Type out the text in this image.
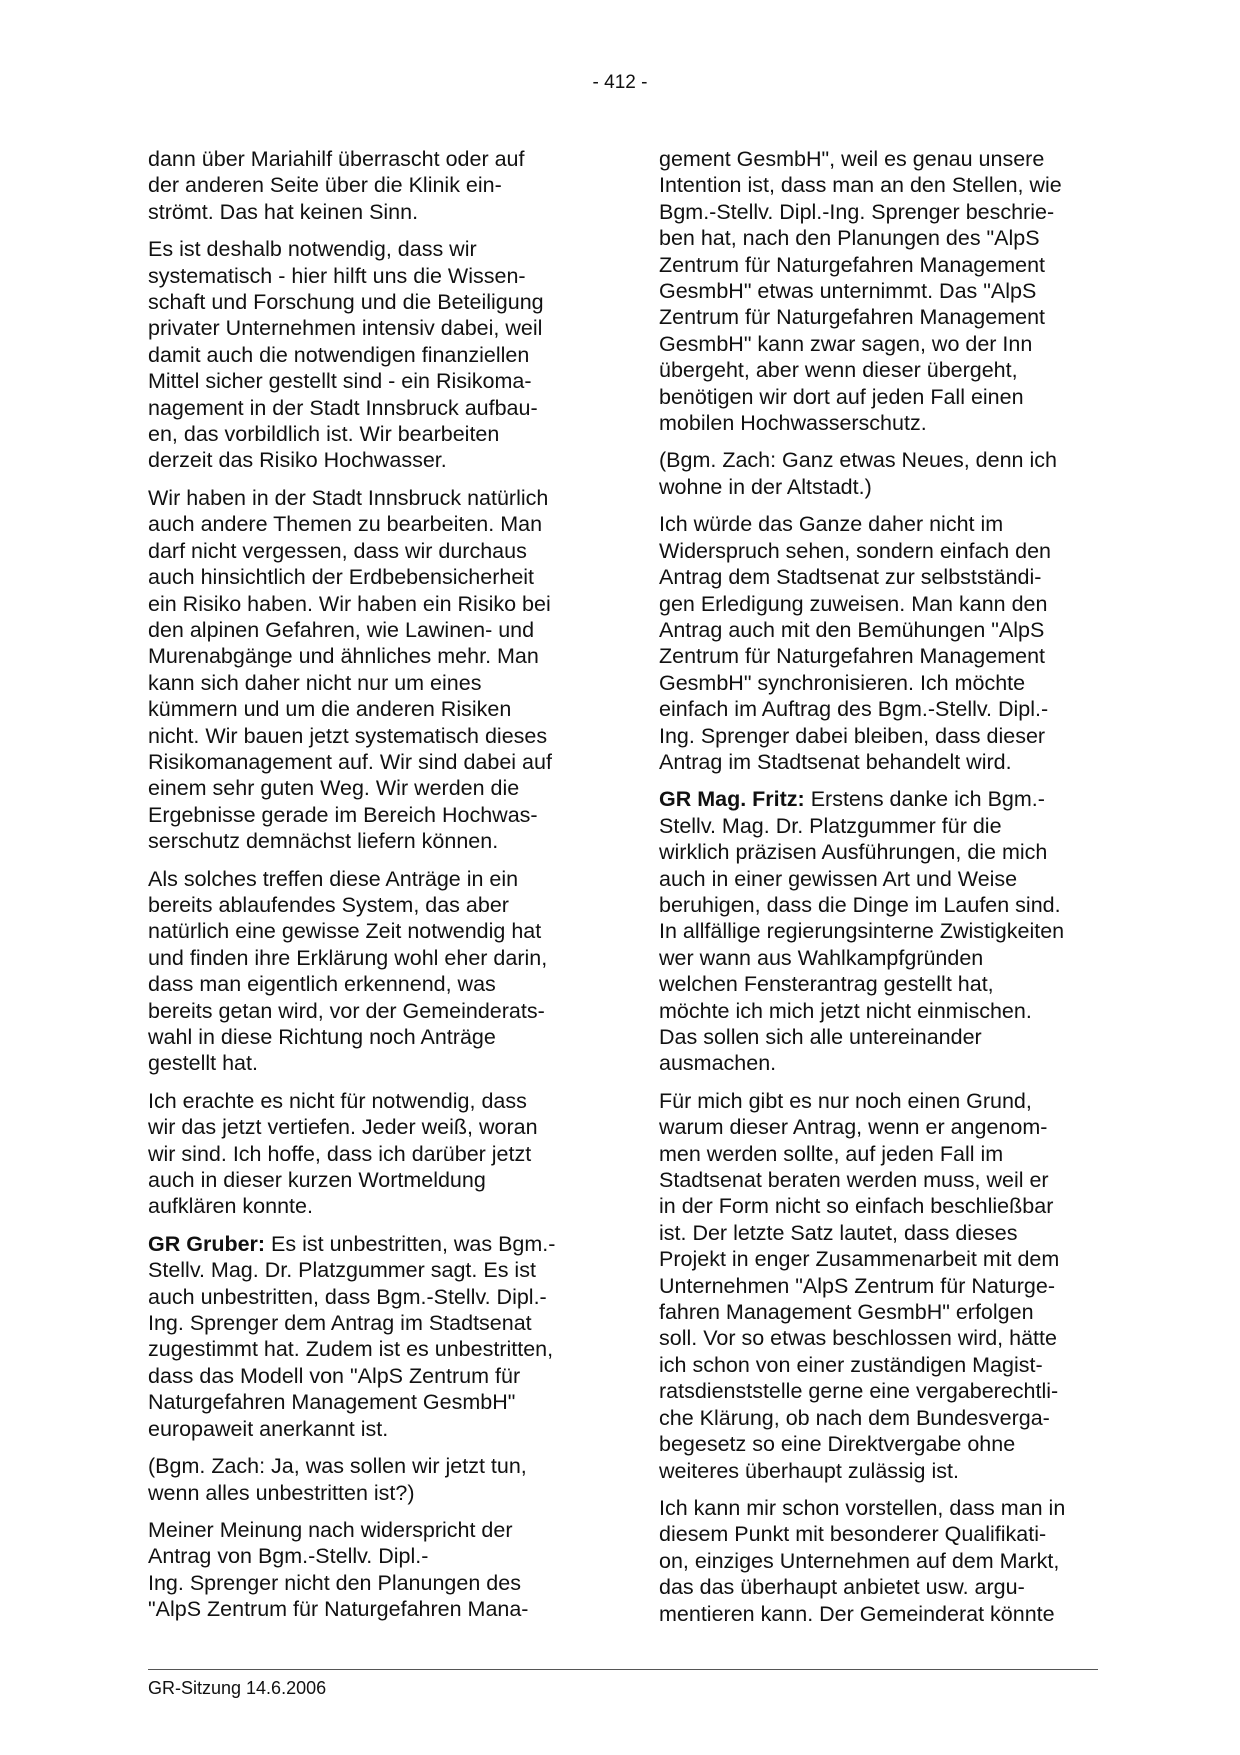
- 412 -

dann über Mariahilf überrascht oder auf
der anderen Seite über die Klinik ein-
strömt. Das hat keinen Sinn.

Es ist deshalb notwendig, dass wir
systematisch - hier hilft uns die Wissen-
schaft und Forschung und die Beteiligung
privater Unternehmen intensiv dabei, weil
damit auch die notwendigen finanziellen
Mittel sicher gestellt sind - ein Risikoma-
nagement in der Stadt Innsbruck aufbau-
en, das vorbildlich ist. Wir bearbeiten
derzeit das Risiko Hochwasser.

Wir haben in der Stadt Innsbruck natürlich
auch andere Themen zu bearbeiten. Man
darf nicht vergessen, dass wir durchaus
auch hinsichtlich der Erdbebensicherheit
ein Risiko haben. Wir haben ein Risiko bei
den alpinen Gefahren, wie Lawinen- und
Murenabgänge und ähnliches mehr. Man
kann sich daher nicht nur um eines
kümmern und um die anderen Risiken
nicht. Wir bauen jetzt systematisch dieses
Risikomanagement auf. Wir sind dabei auf
einem sehr guten Weg. Wir werden die
Ergebnisse gerade im Bereich Hochwas-
serschutz demnächst liefern können.

Als solches treffen diese Anträge in ein
bereits ablaufendes System, das aber
natürlich eine gewisse Zeit notwendig hat
und finden ihre Erklärung wohl eher darin,
dass man eigentlich erkennend, was
bereits getan wird, vor der Gemeinderats-
wahl in diese Richtung noch Anträge
gestellt hat.

Ich erachte es nicht für notwendig, dass
wir das jetzt vertiefen. Jeder weiß, woran
wir sind. Ich hoffe, dass ich darüber jetzt
auch in dieser kurzen Wortmeldung
aufklären konnte.

GR Gruber: Es ist unbestritten, was Bgm.-
Stellv. Mag. Dr. Platzgummer sagt. Es ist
auch unbestritten, dass Bgm.-Stellv. Dipl.-
Ing. Sprenger dem Antrag im Stadtsenat
zugestimmt hat. Zudem ist es unbestritten,
dass das Modell von "AlpS Zentrum für
Naturgefahren Management GesmbH"
europaweit anerkannt ist.

(Bgm. Zach: Ja, was sollen wir jetzt tun,
wenn alles unbestritten ist?)

Meiner Meinung nach widerspricht der
Antrag von Bgm.-Stellv. Dipl.-
Ing. Sprenger nicht den Planungen des
"AlpS Zentrum für Naturgefahren Mana-

gement GesmbH", weil es genau unsere
Intention ist, dass man an den Stellen, wie
Bgm.-Stellv. Dipl.-Ing. Sprenger beschrie-
ben hat, nach den Planungen des "AlpS
Zentrum für Naturgefahren Management
GesmbH" etwas unternimmt. Das "AlpS
Zentrum für Naturgefahren Management
GesmbH" kann zwar sagen, wo der Inn
übergeht, aber wenn dieser übergeht,
benötigen wir dort auf jeden Fall einen
mobilen Hochwasserschutz.

(Bgm. Zach: Ganz etwas Neues, denn ich
wohne in der Altstadt.)

Ich würde das Ganze daher nicht im
Widerspruch sehen, sondern einfach den
Antrag dem Stadtsenat zur selbstständi-
gen Erledigung zuweisen. Man kann den
Antrag auch mit den Bemühungen "AlpS
Zentrum für Naturgefahren Management
GesmbH" synchronisieren. Ich möchte
einfach im Auftrag des Bgm.-Stellv. Dipl.-
Ing. Sprenger dabei bleiben, dass dieser
Antrag im Stadtsenat behandelt wird.

GR Mag. Fritz: Erstens danke ich Bgm.-
Stellv. Mag. Dr. Platzgummer für die
wirklich präzisen Ausführungen, die mich
auch in einer gewissen Art und Weise
beruhigen, dass die Dinge im Laufen sind.
In allfällige regierungsinterne Zwistigkeiten
wer wann aus Wahlkampfgründen
welchen Fensterantrag gestellt hat,
möchte ich mich jetzt nicht einmischen.
Das sollen sich alle untereinander
ausmachen.

Für mich gibt es nur noch einen Grund,
warum dieser Antrag, wenn er angenom-
men werden sollte, auf jeden Fall im
Stadtsenat beraten werden muss, weil er
in der Form nicht so einfach beschließbar
ist. Der letzte Satz lautet, dass dieses
Projekt in enger Zusammenarbeit mit dem
Unternehmen "AlpS Zentrum für Naturge-
fahren Management GesmbH" erfolgen
soll. Vor so etwas beschlossen wird, hätte
ich schon von einer zuständigen Magist-
ratsdienststelle gerne eine vergaberechtli-
che Klärung, ob nach dem Bundesverga-
begesetz so eine Direktvergabe ohne
weiteres überhaupt zulässig ist.

Ich kann mir schon vorstellen, dass man in
diesem Punkt mit besonderer Qualifikati-
on, einziges Unternehmen auf dem Markt,
das das überhaupt anbietet usw. argu-
mentieren kann. Der Gemeinderat könnte

GR-Sitzung 14.6.2006
